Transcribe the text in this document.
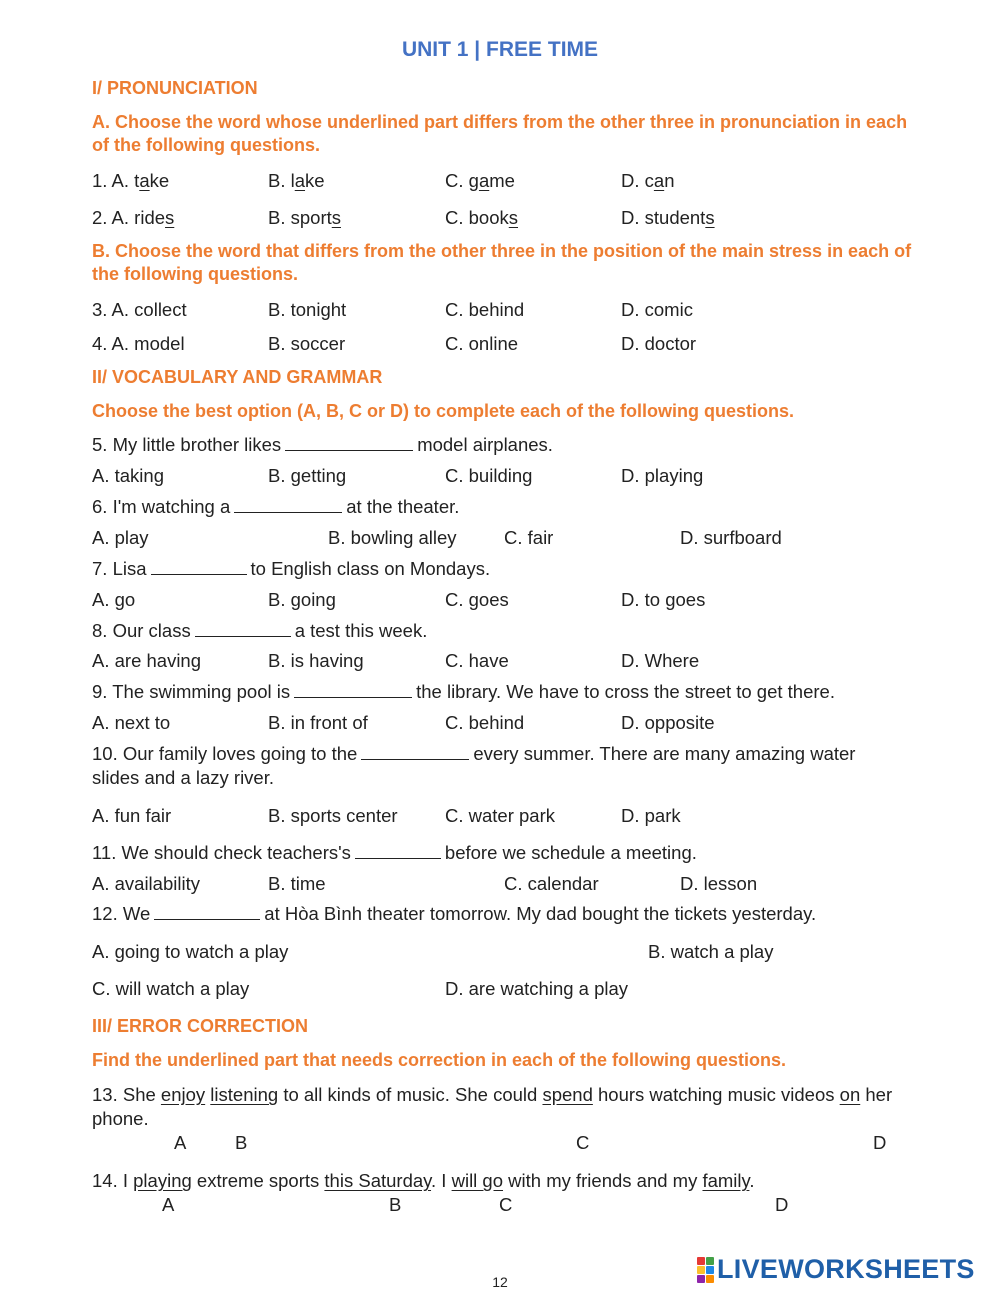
UNIT 1 | FREE TIME
I/ PRONUNCIATION
A. Choose the word whose underlined part differs from the other three in pronunciation in each of the following questions.
1. A. take	B. lake	C. game	D. can
2. A. rides	B. sports	C. books	D. students
B. Choose the word that differs from the other three in the position of the main stress in each of the following questions.
3. A. collect	B. tonight	C. behind	D. comic
4. A. model	B. soccer	C. online	D. doctor
II/ VOCABULARY AND GRAMMAR
Choose the best option (A, B, C or D) to complete each of the following questions.
5. My little brother likes	model airplanes.
A. taking	B. getting	C. building	D. playing
6. I'm watching a	at the theater.
A. play	B. bowling alley	C. fair	D. surfboard
7. Lisa	to English class on Mondays.
A. go	B. going	C. goes	D. to goes
8. Our class	a test this week.
A. are having	B. is having	C. have	D. Where
9. The swimming pool is	the library. We have to cross the street to get there.
A. next to	B. in front of	C. behind	D. opposite
10. Our family loves going to the	every summer. There are many amazing water
slides and a lazy river.
A. fun fair	B. sports center	C. water park	D. park
11. We should check teachers's	before we schedule a meeting.
A. availability	B. time	C. calendar	D. lesson
12. We	at Hòa Bình theater tomorrow. My dad bought the tickets yesterday.
A. going to watch a play	B. watch a play
C. will watch a play	D. are watching a play
III/ ERROR CORRECTION
Find the underlined part that needs correction in each of the following questions.
13. She enjoy listening to all kinds of music. She could spend hours watching music videos on her
phone.
A	B	C	D
14. I playing extreme sports this Saturday. I will go with my friends and my family.
A	B	C	D
12	LIVEWORKSHEETS
